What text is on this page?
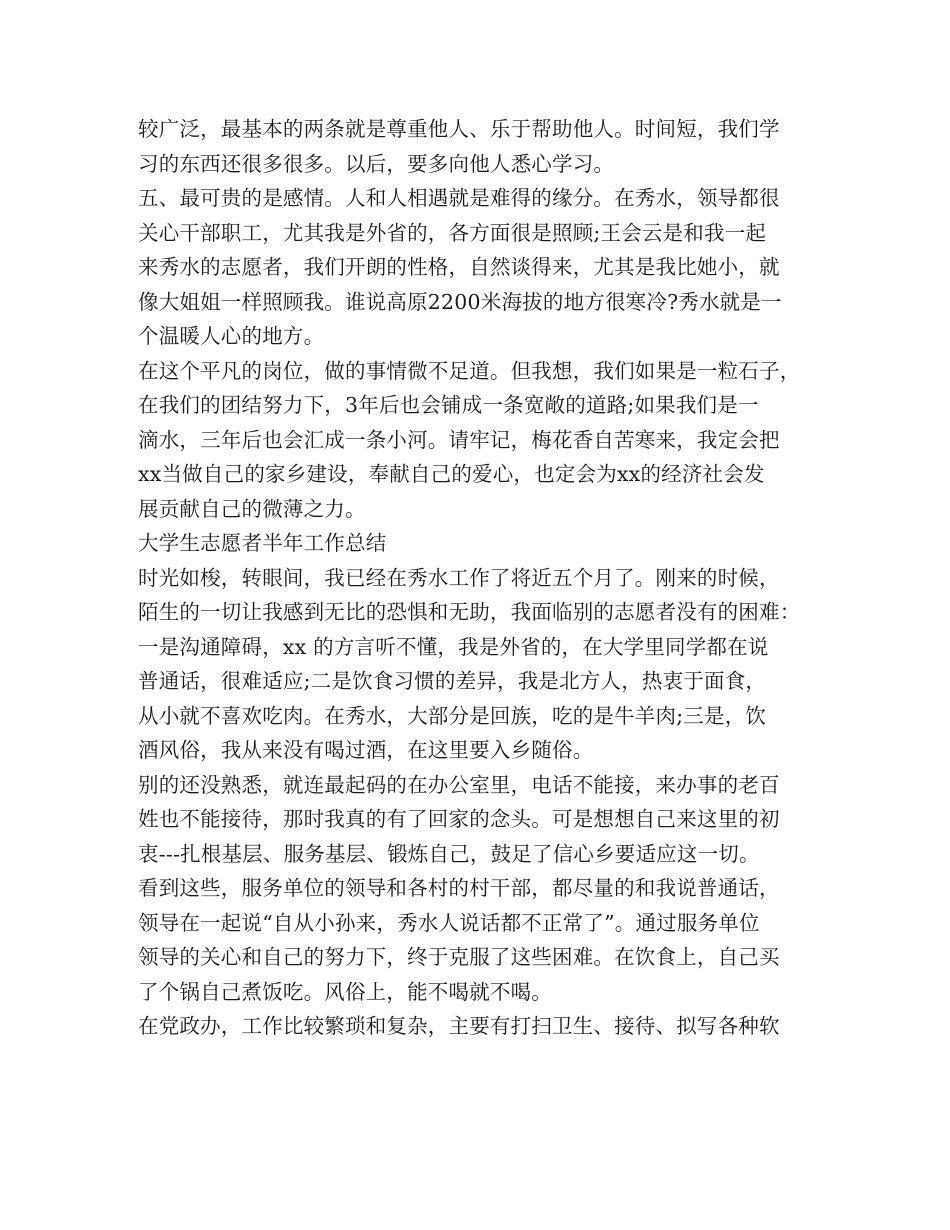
较广泛，最基本的两条就是尊重他人、乐于帮助他人。时间短，我们学
习的东西还很多很多。以后，要多向他人悉心学习。
五、最可贵的是感情。人和人相遇就是难得的缘分。在秀水，领导都很
关心干部职工，尤其我是外省的，各方面很是照顾;王会云是和我一起
来秀水的志愿者，我们开朗的性格，自然谈得来，尤其是我比她小，就
像大姐姐一样照顾我。谁说高原2200米海拔的地方很寒冷?秀水就是一
个温暖人心的地方。
在这个平凡的岗位，做的事情微不足道。但我想，我们如果是一粒石子，
在我们的团结努力下，3年后也会铺成一条宽敞的道路;如果我们是一
滴水，三年后也会汇成一条小河。请牢记，梅花香自苦寒来，我定会把
xx当做自己的家乡建设，奉献自己的爱心，也定会为xx的经济社会发
展贡献自己的微薄之力。
大学生志愿者半年工作总结
时光如梭，转眼间，我已经在秀水工作了将近五个月了。刚来的时候，
陌生的一切让我感到无比的恐惧和无助，我面临别的志愿者没有的困难：
一是沟通障碍，xx 的方言听不懂，我是外省的，在大学里同学都在说
普通话，很难适应;二是饮食习惯的差异，我是北方人，热衷于面食，
从小就不喜欢吃肉。在秀水，大部分是回族，吃的是牛羊肉;三是，饮
酒风俗，我从来没有喝过酒，在这里要入乡随俗。
别的还没熟悉，就连最起码的在办公室里，电话不能接，来办事的老百
姓也不能接待，那时我真的有了回家的念头。可是想想自己来这里的初
衷---扎根基层、服务基层、锻炼自己，鼓足了信心乡要适应这一切。
看到这些，服务单位的领导和各村的村干部，都尽量的和我说普通话，
领导在一起说“自从小孙来，秀水人说话都不正常了”。通过服务单位
领导的关心和自己的努力下，终于克服了这些困难。在饮食上，自己买
了个锅自己煮饭吃。风俗上，能不喝就不喝。
在党政办，工作比较繁琐和复杂，主要有打扫卫生、接待、拟写各种软
